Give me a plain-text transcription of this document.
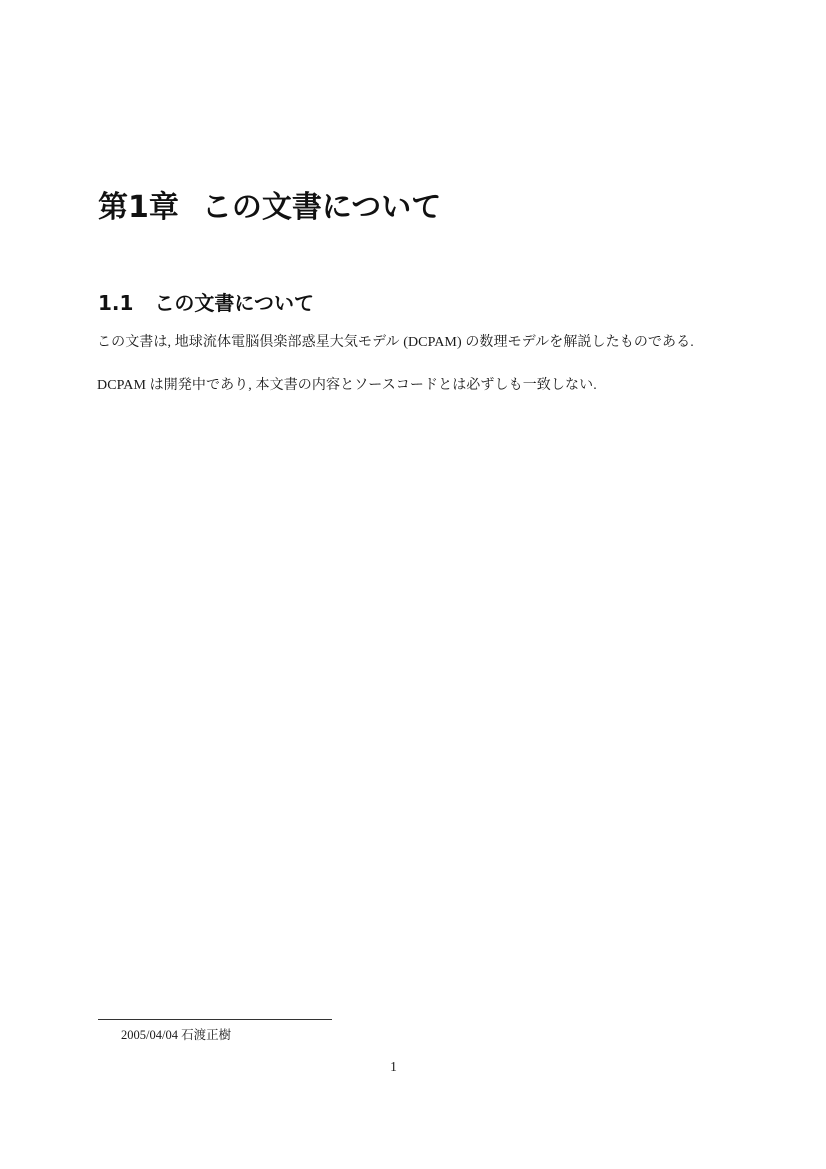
第1章 この文書について
1.1 この文書について

この文書は, 地球流体電脳倶楽部惑星大気モデル (DCPAM) の数理モデルを解説したものである.

DCPAM は開発中であり, 本文書の内容とソースコードとは必ずしも一致しない.

2005/04/04 石渡正樹
1
